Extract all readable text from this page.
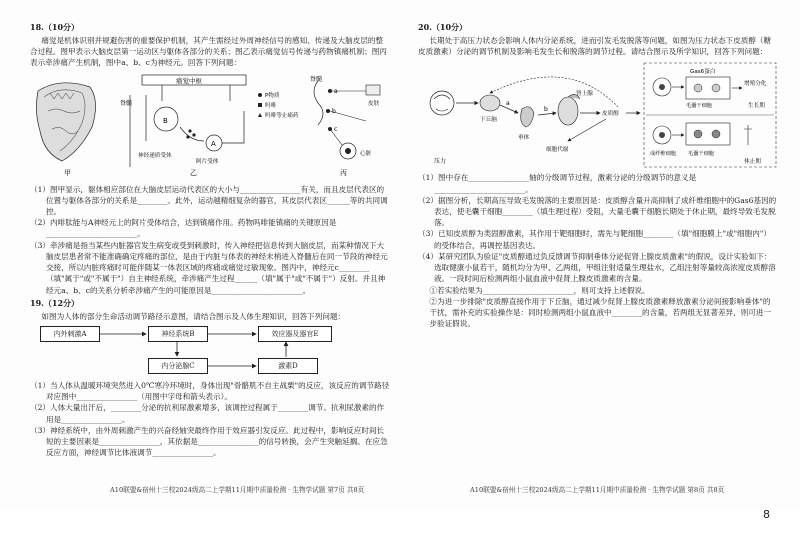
18.（10分）

痛觉是机体识别并规避伤害的重要保护机制，其产生需经过外周神经信号的感知、传递及大脑皮层的整合过程。图甲表示大脑皮层第一运动区与躯体各部分的关系；图乙表示痛觉信号传递与药物镇痛机制；图丙表示牵涉痛产生机制，图中a、b、c为神经元。回答下列问题：

甲
痛觉中枢
脊髓
B
A
神经递质受体
阿片受体
P物质
吗啡
吗啡等止痛药
乙
脊髓
a
b
c
皮肤
心脏
丙

（1）图甲显示，躯体相应部位在大脑皮层运动代表区的大小与________________有关，而且皮层代表区的位置与躯体各部分的关系是________。此外，运动越精细复杂的器官，其皮层代表区______等的共同调控。

（2）内啡肽能与A神经元上的阿片受体结合，达到镇痛作用。药物吗啡能镇痛的关键原因是________________________。

（3）牵涉痛是指当某些内脏器官发生病变或受到刺激时，传入神经把信息传到大脑皮层，而某种情况下大脑皮层患者常不能准确确定疼痛的部位，是由于内脏与体表的神经末梢进入脊髓后在同一节段的神经元交接，所以内脏疼痛时可能伴随某一体表区域的疼痛或痛觉过敏现象。图丙中，神经元c________（填"属于"或"不属于"）自主神经系统，牵涉痛产生过程______（填"属于"或"不属于"）反射。并且神经元a、b、c的关系分析牵涉痛产生的可能原因是________________________。

19.（12分）

如图为人体的部分生命活动调节路径示意图，请结合图示及人体生理知识，回答下列问题：

内外刺激A	神经系统B	效应器及器官E
内分泌腺C	激素D

（1）当人体从温暖环境突然进入0℃寒冷环境时，身体出现"骨骼肌不自主战栗"的反应，该反应的调节路径对应图中________________（用图中字母和箭头表示）。

（2）人体大量出汗后，________分泌的抗利尿激素增多，该调控过程属于________调节。抗利尿激素的作用是________________。

（3）神经系统中，由外周刺激产生的兴奋经轴突最终作用于效应器引发反应。此过程中，影响反应时间长短的主要因素是________________，其依据是________________的信号转换，会产生突触延搁。在应急反应方面，神经调节比体液调节________________。

20.（10分）

长期处于高压力状态会影响人体内分泌系统，进而引发毛发脱落等问题，如图为压力状态下皮质醇（糖皮质激素）分泌的调节机制及影响毛发生长和脱落的调节过程。请结合图示及所学知识，回答下列问题：

压力
下丘脑
a
垂体
b
肾上腺
皮质醇
细胞代谢
Gas6蛋白
毛囊干细胞
增殖分化
生长期
成纤维细胞 毛囊干细胞
休止期

（1）图中存在________________轴的分级调节过程，激素分泌的分级调节的意义是________________________。

（2）据图分析，长期高压导致毛发脱落的主要原因是：皮质醇含量升高抑制了成纤维细胞中的Gas6基因的表达，使毛囊干细胞________（填生理过程）受阻，大量毛囊干细胞长期处于休止期，最终导致毛发脱落。

（3）已知皮质醇为类固醇激素，其作用于靶细胞时，需先与靶细胞________（填"细胞膜上"或"细胞内"）的受体结合，再调控基因表达。

（4）某研究团队为验证"皮质醇通过负反馈调节抑制垂体分泌促肾上腺皮质激素"的假说，设计实验如下：选取健康小鼠若干，随机均分为甲、乙两组，甲组注射适量生理盐水，乙组注射等量较高浓度皮质醇溶液。一段时间后检测两组小鼠血液中促肾上腺皮质激素的含量。

①若实验结果为________________________，则可支持上述假说。

②为进一步排除"皮质醇直接作用于下丘脑，通过减少促肾上腺皮质激素释放激素分泌间接影响垂体"的干扰，需补充的实验操作是：同时检测两组小鼠血液中________的含量，若两组无显著差异，则可进一步验证假说。

A10联盟&宿州十三校2024级高二上学期11月期中质量检测 · 生物学试题 第7页 共8页	A10联盟&宿州十三校2024级高二上学期11月期中质量检测 · 生物学试题 第8页 共8页
8
